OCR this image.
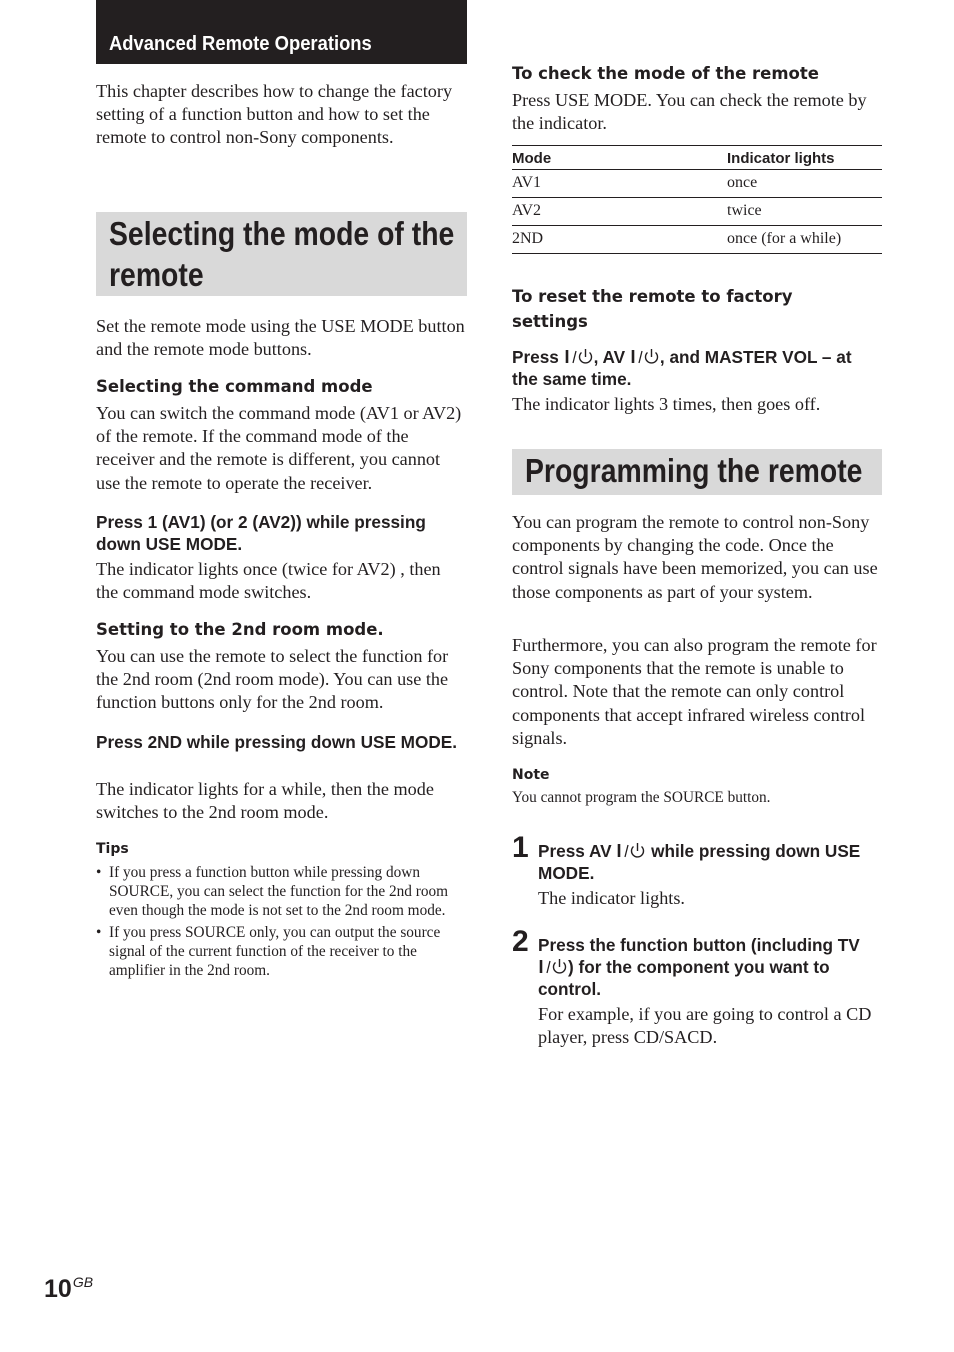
Advanced Remote Operations

This chapter describes how to change the factory setting of a function button and how to set the remote to control non-Sony components.

Selecting the mode of the remote

Set the remote mode using the USE MODE button and the remote mode buttons.

Selecting the command mode

You can switch the command mode (AV1 or AV2) of the remote. If the command mode of the receiver and the remote is different, you cannot use the remote to operate the receiver.

Press 1 (AV1) (or 2 (AV2)) while pressing down USE MODE.

The indicator lights once (twice for AV2) , then the command mode switches.

Setting to the 2nd room mode.

You can use the remote to select the function for the 2nd room (2nd room mode). You can use the function buttons only for the 2nd room.

Press 2ND while pressing down USE MODE.

The indicator lights for a while, then the mode switches to the 2nd room mode.

Tips

• If you press a function button while pressing down SOURCE, you can select the function for the 2nd room even though the mode is not set to the 2nd room mode.
• If you press SOURCE only, you can output the source signal of the current function of the receiver to the amplifier in the 2nd room.

To check the mode of the remote

Press USE MODE. You can check the remote by the indicator.

Mode	Indicator lights
AV1	once
AV2	twice
2ND	once (for a while)

To reset the remote to factory settings

Press , AV , and MASTER VOL – at the same time.

The indicator lights 3 times, then goes off.

Programming the remote

You can program the remote to control non-Sony components by changing the code. Once the control signals have been memorized, you can use those components as part of your system.

Furthermore, you can also program the remote for Sony components that the remote is unable to control. Note that the remote can only control components that accept infrared wireless control signals.

Note

You cannot program the SOURCE button.

1 Press AV  while pressing down USE MODE.

The indicator lights.

2 Press the function button (including TV ) for the component you want to control.

For example, if you are going to control a CD player, press CD/SACD.

$10^{GB}$
